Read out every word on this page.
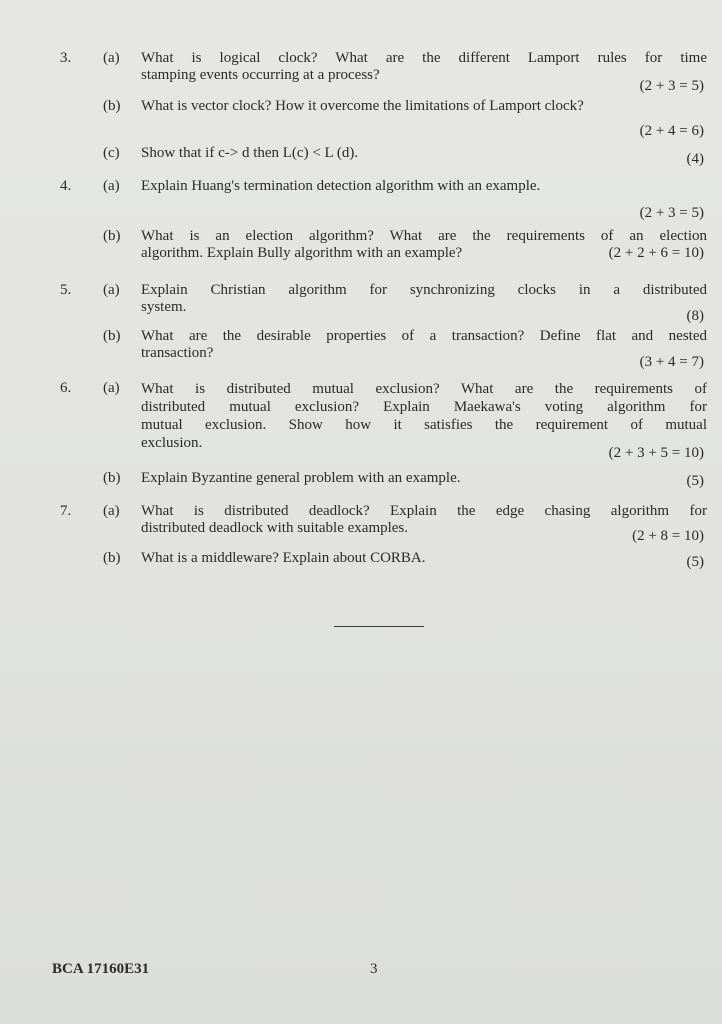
3. (a) What is logical clock? What are the different Lamport rules for time
stamping events occurring at a process?
(2 + 3 = 5)
(b) What is vector clock? How it overcome the limitations of Lamport clock?
(2 + 4 = 6)
(c) Show that if c-> d then L(c) < L (d).	(4)
4. (a) Explain Huang's termination detection algorithm with an example.
(2 + 3 = 5)
(b) What is an election algorithm? What are the requirements of an election
algorithm. Explain Bully algorithm with an example?	(2 + 2 + 6 = 10)
5. (a) Explain Christian algorithm for synchronizing clocks in a distributed
system.
(8)
(b) What are the desirable properties of a transaction? Define flat and nested
transaction?
(3 + 4 = 7)
6. (a) What is distributed mutual exclusion? What are the requirements of
distributed mutual exclusion? Explain Maekawa's voting algorithm for
mutual exclusion. Show how it satisfies the requirement of mutual
exclusion.
(2 + 3 + 5 = 10)
(b) Explain Byzantine general problem with an example.	(5)
7. (a) What is distributed deadlock? Explain the edge chasing algorithm for
distributed deadlock with suitable examples.	(2 + 8 = 10)
(b) What is a middleware? Explain about CORBA.	(5)
BCA 17160E31	3
